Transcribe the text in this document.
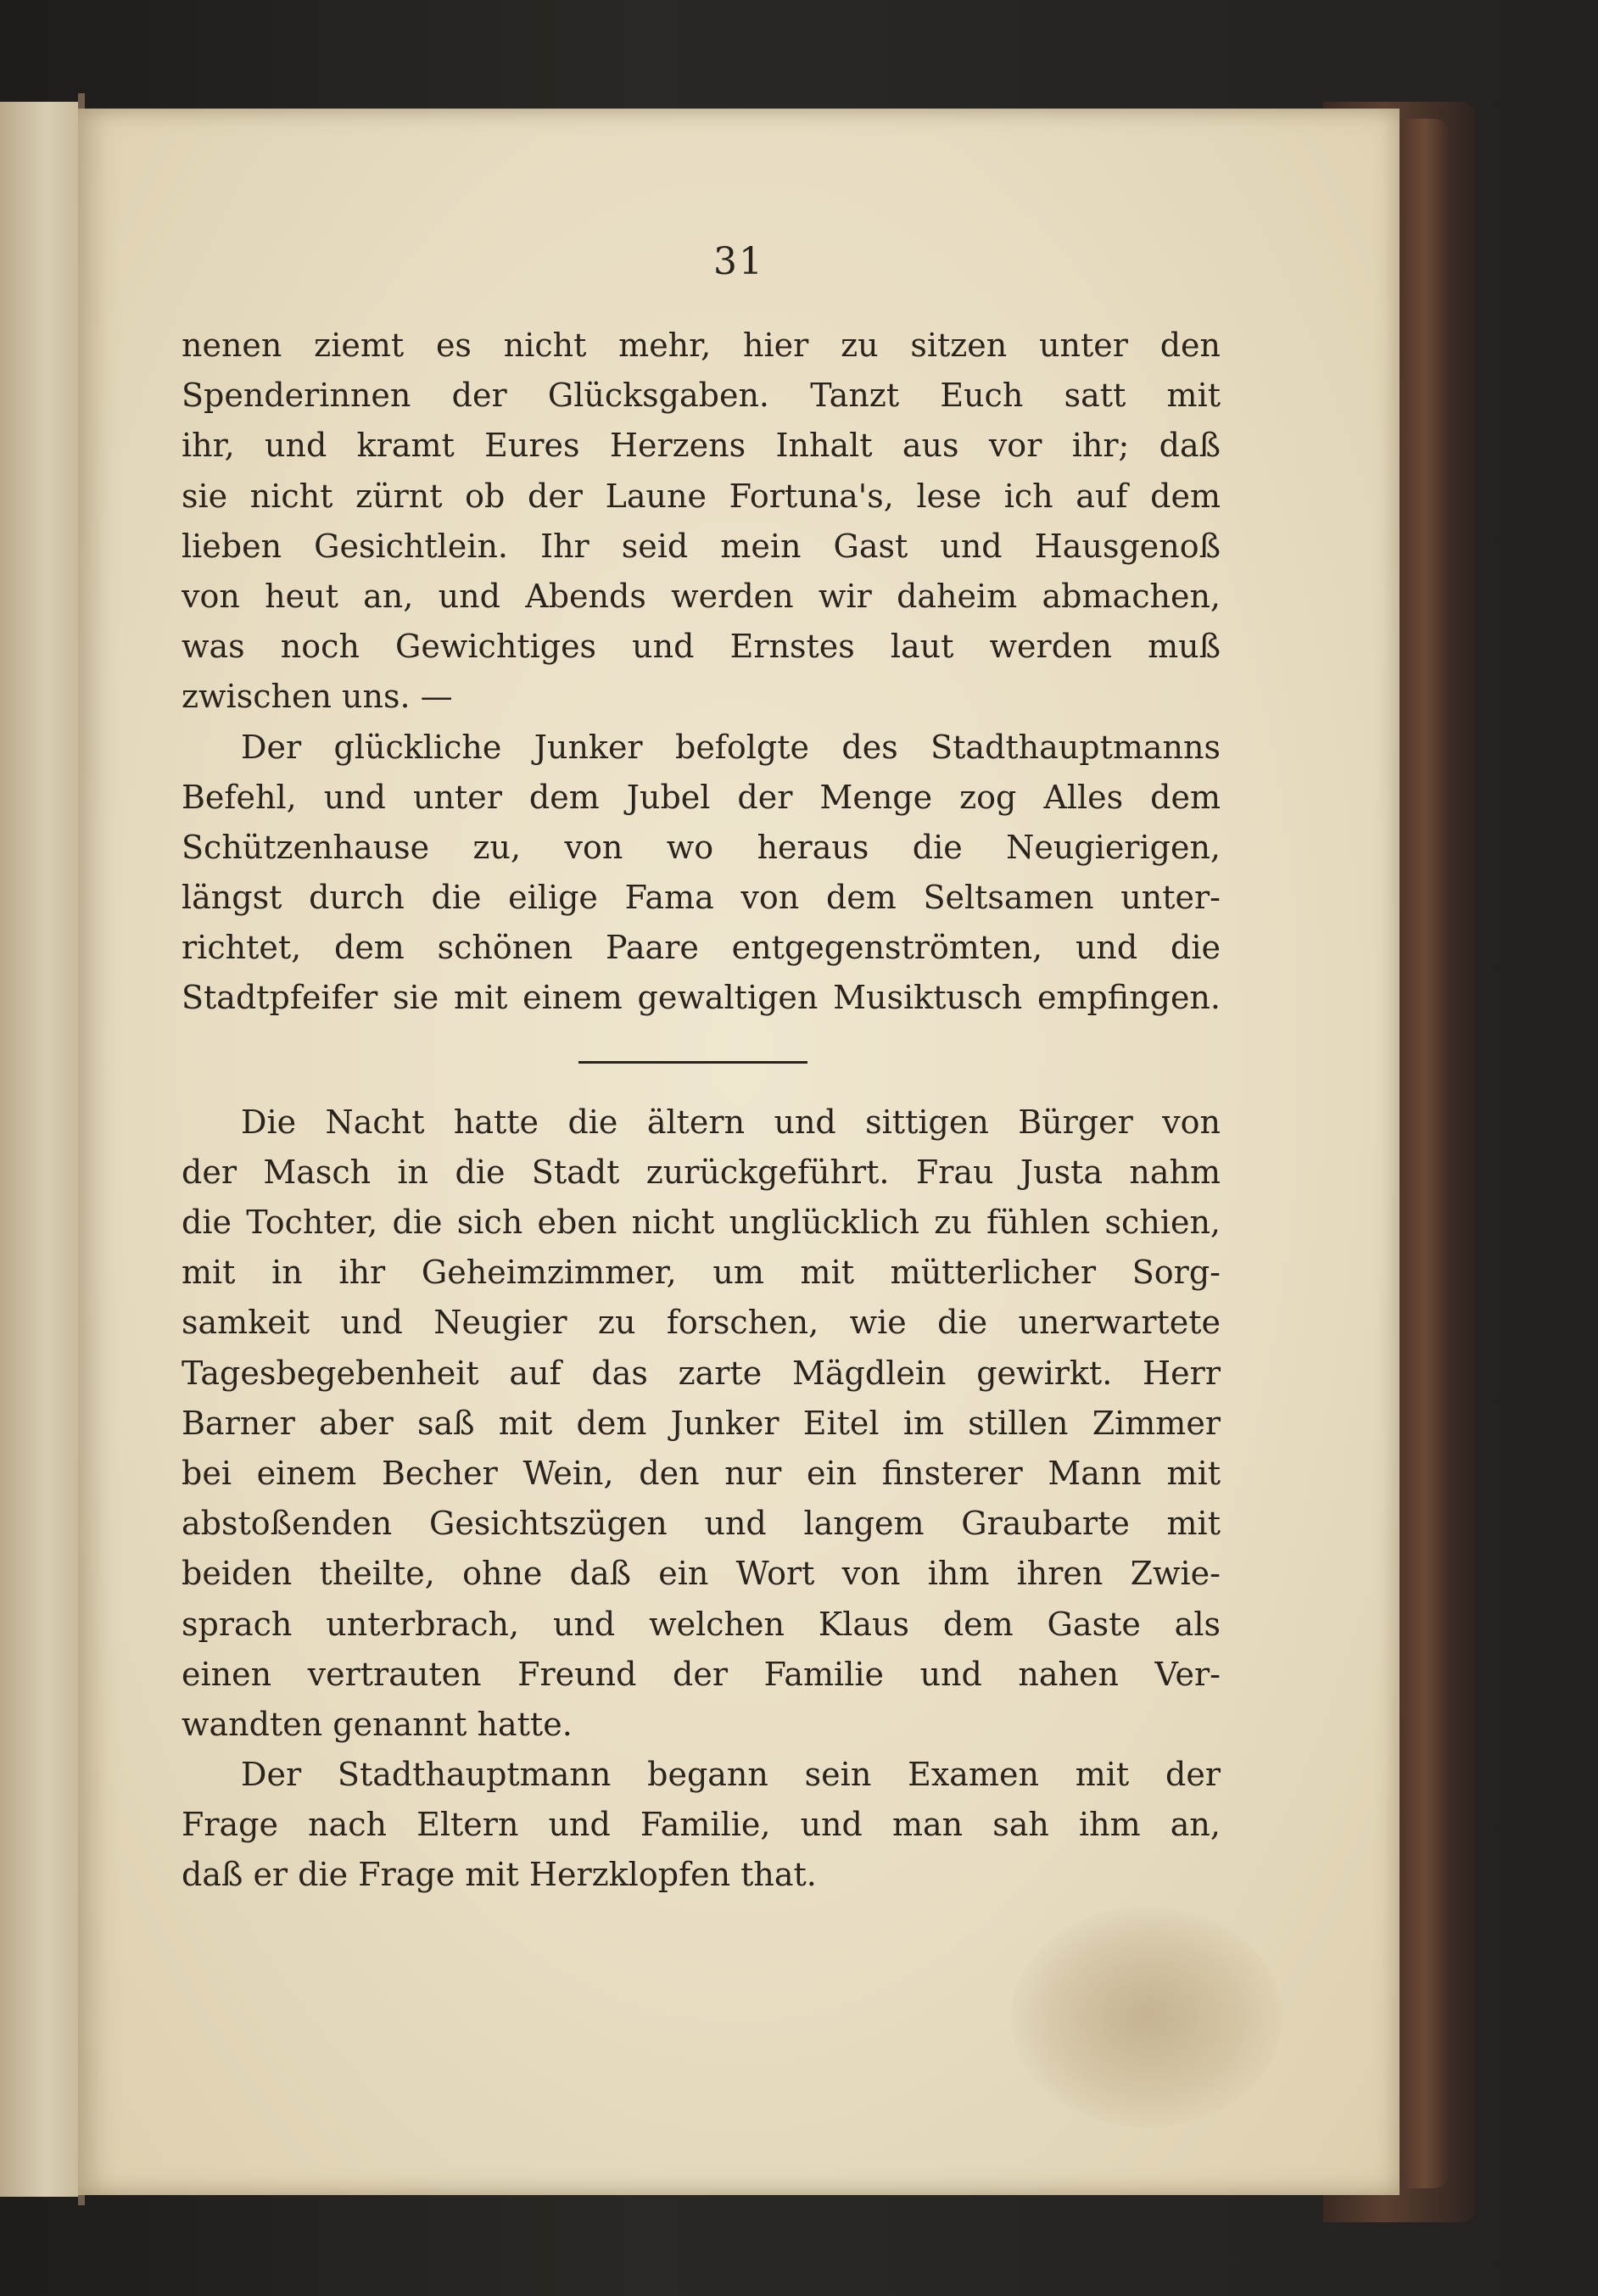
31
nenen ziemt es nicht mehr, hier zu sitzen unter den
Spenderinnen der Glücksgaben. Tanzt Euch satt mit
ihr, und kramt Eures Herzens Inhalt aus vor ihr; daß
sie nicht zürnt ob der Laune Fortuna's, lese ich auf dem
lieben Gesichtlein. Ihr seid mein Gast und Hausgenoß
von heut an, und Abends werden wir daheim abmachen,
was noch Gewichtiges und Ernstes laut werden muß
zwischen uns. —
Der glückliche Junker befolgte des Stadthauptmanns
Befehl, und unter dem Jubel der Menge zog Alles dem
Schützenhause zu, von wo heraus die Neugierigen,
längst durch die eilige Fama von dem Seltsamen unter-
richtet, dem schönen Paare entgegenströmten, und die
Stadtpfeifer sie mit einem gewaltigen Musiktusch empfingen.
Die Nacht hatte die ältern und sittigen Bürger von
der Masch in die Stadt zurückgeführt. Frau Justa nahm
die Tochter, die sich eben nicht unglücklich zu fühlen schien,
mit in ihr Geheimzimmer, um mit mütterlicher Sorg-
samkeit und Neugier zu forschen, wie die unerwartete
Tagesbegebenheit auf das zarte Mägdlein gewirkt. Herr
Barner aber saß mit dem Junker Eitel im stillen Zimmer
bei einem Becher Wein, den nur ein finsterer Mann mit
abstoßenden Gesichtszügen und langem Graubarte mit
beiden theilte, ohne daß ein Wort von ihm ihren Zwie-
sprach unterbrach, und welchen Klaus dem Gaste als
einen vertrauten Freund der Familie und nahen Ver-
wandten genannt hatte.
Der Stadthauptmann begann sein Examen mit der
Frage nach Eltern und Familie, und man sah ihm an,
daß er die Frage mit Herzklopfen that.
